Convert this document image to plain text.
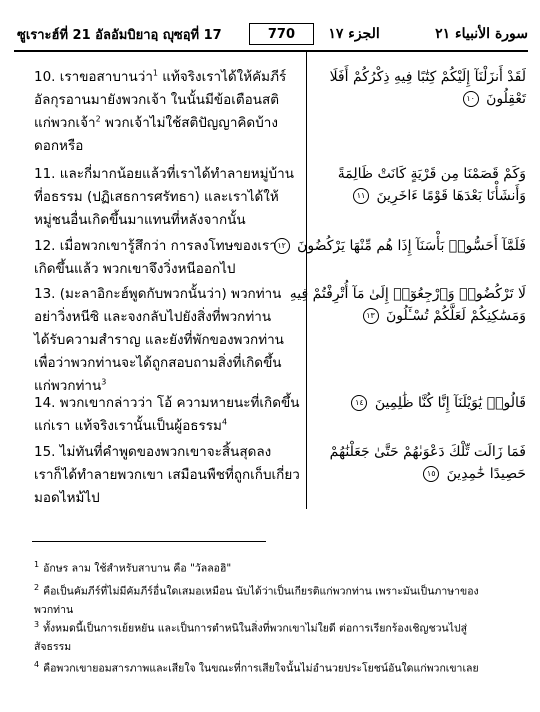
ซูเราะฮ์ที่ 21 อัลอัมบิยาอฺ ญุซอฺที่ 17	770	الجزء ١٧	سورة الأنبياء ٢١
10. เราขอสาบานว่า$^1$ แท้จริงเราได้ให้คัมภีร์
อัลกุรอานมายังพวกเจ้า ในนั้นมีข้อเตือนสติ
แก่พวกเจ้า$^2$ พวกเจ้าไม่ใช้สติปัญญาคิดบ้าง
ดอกหรือ
لَقَدْ أَنزَلْنَآ إِلَيْكُمْ كِتَٰبًا فِيهِ ذِكْرُكُمْ أَفَلَا
تَعْقِلُونَ ١٠
11. และกี่มากน้อยแล้วที่เราได้ทำลายหมู่บ้าน
ที่อธรรม (ปฏิเสธการศรัทธา) และเราได้ให้
หมู่ชนอื่นเกิดขึ้นมาแทนที่หลังจากนั้น
وَكَمْ قَصَمْنَا مِن قَرْيَةٍ كَانَتْ ظَالِمَةً
وَأَنشَأْنَا بَعْدَهَا قَوْمًا ءَاخَرِينَ ١١
12. เมื่อพวกเขารู้สึกว่า การลงโทษของเรา
เกิดขึ้นแล้ว พวกเขาจึงวิ่งหนีออกไป
فَلَمَّآ أَحَسُّوا۟ بَأْسَنَآ إِذَا هُم مِّنْهَا يَرْكُضُونَ ١٢
13. (มะลาอิกะฮ์พูดกับพวกนั้นว่า) พวกท่าน
อย่าวิ่งหนีซิ และจงกลับไปยังสิ่งที่พวกท่าน
ได้รับความสำราญ และยังที่พักของพวกท่าน
เพื่อว่าพวกท่านจะได้ถูกสอบถามสิ่งที่เกิดขึ้น
แก่พวกท่าน$^3$
لَا تَرْكُضُوا۟ وَٱرْجِعُوٓا۟ إِلَىٰ مَآ أُتْرِفْتُمْ فِيهِ
وَمَسَٰكِنِكُمْ لَعَلَّكُمْ تُسْـَٔلُونَ ١٣
14. พวกเขากล่าวว่า โอ้ ความหายนะที่เกิดขึ้น
แก่เรา แท้จริงเรานั้นเป็นผู้อธรรม$^4$
قَالُوا۟ يَٰوَيْلَنَآ إِنَّا كُنَّا ظَٰلِمِينَ ١٤
15. ไม่ทันที่คำพูดของพวกเขาจะสิ้นสุดลง
เราก็ได้ทำลายพวกเขา เสมือนพืชที่ถูกเก็บเกี่ยว
มอดไหม้ไป
فَمَا زَالَت تِّلْكَ دَعْوَىٰهُمْ حَتَّىٰ جَعَلْنَٰهُمْ
حَصِيدًا خَٰمِدِينَ ١٥
$^1$ อักษร ลาม ใช้สำหรับสาบาน คือ "วัลลอฮิ"
$^2$ คือเป็นคัมภีร์ที่ไม่มีคัมภีร์อื่นใดเสมอเหมือน นับได้ว่าเป็นเกียรติแก่พวกท่าน เพราะมันเป็นภาษาของ
พวกท่าน
$^3$ ทั้งหมดนี้เป็นการเย้ยหยัน และเป็นการตำหนิในสิ่งที่พวกเขาไม่ใยดี ต่อการเรียกร้องเชิญชวนไปสู่
สัจธรรม
$^4$ คือพวกเขายอมสารภาพและเสียใจ ในขณะที่การเสียใจนั้นไม่อำนวยประโยชน์อันใดแก่พวกเขาเลย
